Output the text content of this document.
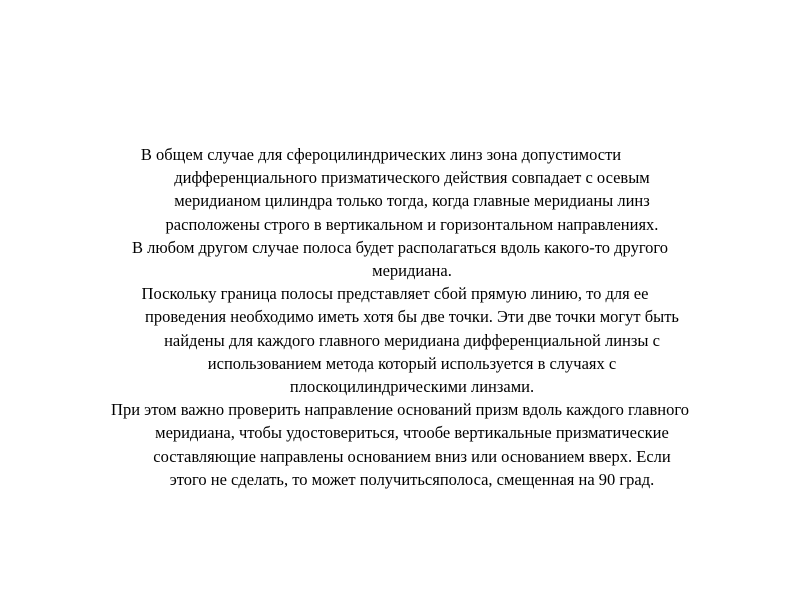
В общем случае для сфероцилиндрических линз зона допустимости
дифференциального призматического действия совпадает с осевым
меридианом цилиндра только тогда, когда главные меридианы линз
расположены строго в вертикальном и горизонтальном направлениях.

В любом другом случае полоса будет располагаться вдоль какого-то другого
меридиана.

Поскольку граница полосы представляет сбой прямую линию, то для ее
проведения необходимо иметь хотя бы две точки. Эти две точки могут быть
найдены для каждого главного меридиана дифференциальной линзы с
использованием метода который используется в случаях с
плоскоцилиндрическими линзами.

При этом важно проверить направление оснований призм вдоль каждого главного
меридиана, чтобы удостовериться, чтообе вертикальные призматические
составляющие направлены основанием вниз или основанием вверх. Если
этого не сделать, то может получитьсяполоса, смещенная на 90 град.
